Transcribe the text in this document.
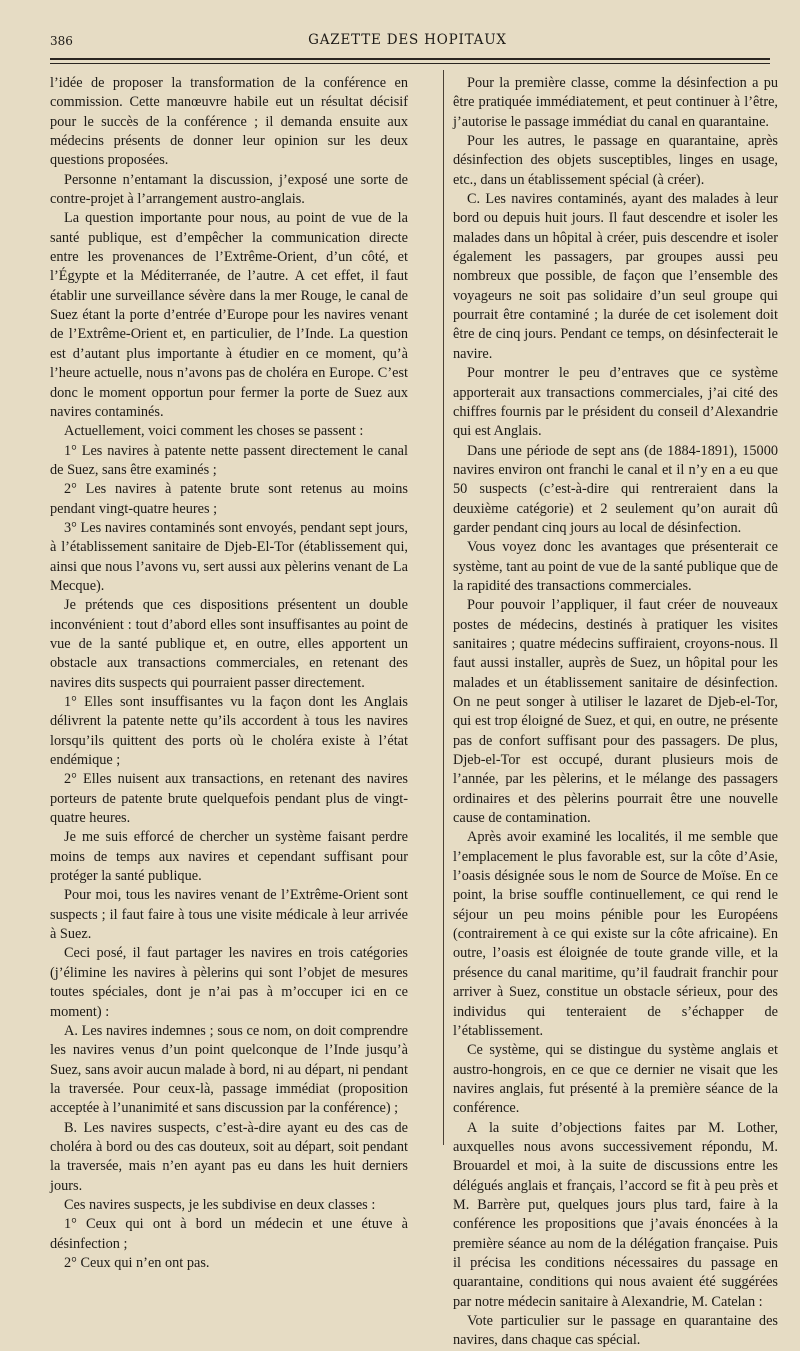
386	GAZETTE DES HOPITAUX

l’idée de proposer la transformation de la conférence en commission. Cette manœuvre habile eut un résultat décisif pour le succès de la conférence ; il demanda ensuite aux médecins présents de donner leur opinion sur les deux questions proposées.

Personne n’entamant la discussion, j’exposé une sorte de contre-projet à l’arrangement austro-anglais.

La question importante pour nous, au point de vue de la santé publique, est d’empêcher la communication directe entre les provenances de l’Extrême-Orient, d’un côté, et l’Égypte et la Méditerranée, de l’autre. A cet effet, il faut établir une surveillance sévère dans la mer Rouge, le canal de Suez étant la porte d’entrée d’Europe pour les navires venant de l’Extrême-Orient et, en particulier, de l’Inde. La question est d’autant plus importante à étudier en ce moment, qu’à l’heure actuelle, nous n’avons pas de choléra en Europe. C’est donc le moment opportun pour fermer la porte de Suez aux navires contaminés.

Actuellement, voici comment les choses se passent :

1° Les navires à patente nette passent directement le canal de Suez, sans être examinés ;

2° Les navires à patente brute sont retenus au moins pendant vingt-quatre heures ;

3° Les navires contaminés sont envoyés, pendant sept jours, à l’établissement sanitaire de Djeb-El-Tor (établissement qui, ainsi que nous l’avons vu, sert aussi aux pèlerins venant de La Mecque).

Je prétends que ces dispositions présentent un double inconvénient : tout d’abord elles sont insuffisantes au point de vue de la santé publique et, en outre, elles apportent un obstacle aux transactions commerciales, en retenant des navires dits suspects qui pourraient passer directement.

1° Elles sont insuffisantes vu la façon dont les Anglais délivrent la patente nette qu’ils accordent à tous les navires lorsqu’ils quittent des ports où le choléra existe à l’état endémique ;

2° Elles nuisent aux transactions, en retenant des navires porteurs de patente brute quelquefois pendant plus de vingt-quatre heures.

Je me suis efforcé de chercher un système faisant perdre moins de temps aux navires et cependant suffisant pour protéger la santé publique.

Pour moi, tous les navires venant de l’Extrême-Orient sont suspects ; il faut faire à tous une visite médicale à leur arrivée à Suez.

Ceci posé, il faut partager les navires en trois catégories (j’élimine les navires à pèlerins qui sont l’objet de mesures toutes spéciales, dont je n’ai pas à m’occuper ici en ce moment) :

A. Les navires indemnes ; sous ce nom, on doit comprendre les navires venus d’un point quelconque de l’Inde jusqu’à Suez, sans avoir aucun malade à bord, ni au départ, ni pendant la traversée. Pour ceux-là, passage immédiat (proposition acceptée à l’unanimité et sans discussion par la conférence) ;

B. Les navires suspects, c’est-à-dire ayant eu des cas de choléra à bord ou des cas douteux, soit au départ, soit pendant la traversée, mais n’en ayant pas eu dans les huit derniers jours.

Ces navires suspects, je les subdivise en deux classes :

1° Ceux qui ont à bord un médecin et une étuve à désinfection ;

2° Ceux qui n’en ont pas.

Pour la première classe, comme la désinfection a pu être pratiquée immédiatement, et peut continuer à l’être, j’autorise le passage immédiat du canal en quarantaine.

Pour les autres, le passage en quarantaine, après désinfection des objets susceptibles, linges en usage, etc., dans un établissement spécial (à créer).

C. Les navires contaminés, ayant des malades à leur bord ou depuis huit jours. Il faut descendre et isoler les malades dans un hôpital à créer, puis descendre et isoler également les passagers, par groupes aussi peu nombreux que possible, de façon que l’ensemble des voyageurs ne soit pas solidaire d’un seul groupe qui pourrait être contaminé ; la durée de cet isolement doit être de cinq jours. Pendant ce temps, on désinfecterait le navire.

Pour montrer le peu d’entraves que ce système apporterait aux transactions commerciales, j’ai cité des chiffres fournis par le président du conseil d’Alexandrie qui est Anglais.

Dans une période de sept ans (de 1884-1891), 15000 navires environ ont franchi le canal et il n’y en a eu que 50 suspects (c’est-à-dire qui rentreraient dans la deuxième catégorie) et 2 seulement qu’on aurait dû garder pendant cinq jours au local de désinfection.

Vous voyez donc les avantages que présenterait ce système, tant au point de vue de la santé publique que de la rapidité des transactions commerciales.

Pour pouvoir l’appliquer, il faut créer de nouveaux postes de médecins, destinés à pratiquer les visites sanitaires ; quatre médecins suffiraient, croyons-nous. Il faut aussi installer, auprès de Suez, un hôpital pour les malades et un établissement sanitaire de désinfection. On ne peut songer à utiliser le lazaret de Djeb-el-Tor, qui est trop éloigné de Suez, et qui, en outre, ne présente pas de confort suffisant pour des passagers. De plus, Djeb-el-Tor est occupé, durant plusieurs mois de l’année, par les pèlerins, et le mélange des passagers ordinaires et des pèlerins pourrait être une nouvelle cause de contamination.

Après avoir examiné les localités, il me semble que l’emplacement le plus favorable est, sur la côte d’Asie, l’oasis désignée sous le nom de Source de Moïse. En ce point, la brise souffle continuellement, ce qui rend le séjour un peu moins pénible pour les Européens (contrairement à ce qui existe sur la côte africaine). En outre, l’oasis est éloignée de toute grande ville, et la présence du canal maritime, qu’il faudrait franchir pour arriver à Suez, constitue un obstacle sérieux, pour des individus qui tenteraient de s’échapper de l’établissement.

Ce système, qui se distingue du système anglais et austro-hongrois, en ce que ce dernier ne visait que les navires anglais, fut présenté à la première séance de la conférence.

A la suite d’objections faites par M. Lother, auxquelles nous avons successivement répondu, M. Brouardel et moi, à la suite de discussions entre les délégués anglais et français, l’accord se fit à peu près et M. Barrère put, quelques jours plus tard, faire à la conférence les propositions que j’avais énoncées à la première séance au nom de la délégation française. Puis il précisa les conditions nécessaires du passage en quarantaine, conditions qui nous avaient été suggérées par notre médecin sanitaire à Alexandrie, M. Catelan :

Vote particulier sur le passage en quarantaine des navires, dans chaque cas spécial.
